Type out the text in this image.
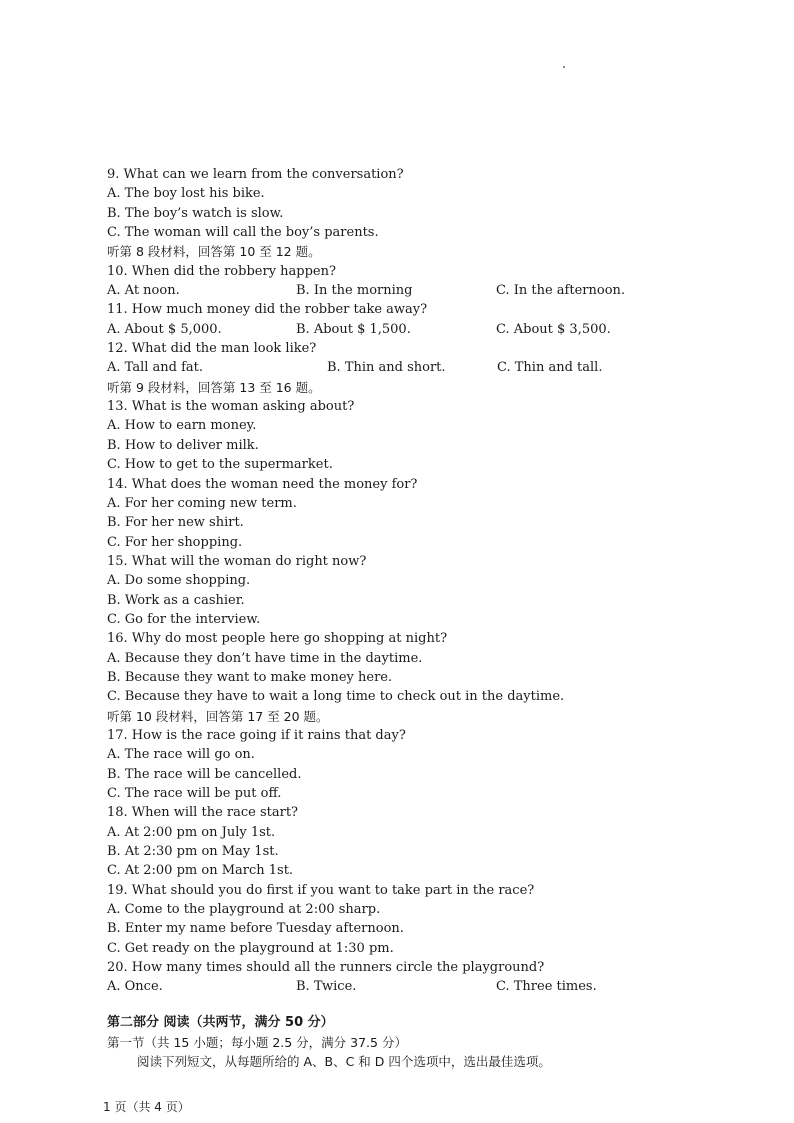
9. What can we learn from the conversation?
A. The boy lost his bike.
B. The boy’s watch is slow.
C. The woman will call the boy’s parents.
听第 8 段材料，回答第 10 至 12 题。
10. When did the robbery happen?
A. At noon.	B. In the morning	C. In the afternoon.
11. How much money did the robber take away?
A. About $ 5,000.	B. About $ 1,500.	C. About $ 3,500.
12. What did the man look like?
A. Tall and fat.	B. Thin and short.	C. Thin and tall.
听第 9 段材料，回答第 13 至 16 题。
13. What is the woman asking about?
A. How to earn money.
B. How to deliver milk.
C. How to get to the supermarket.
14. What does the woman need the money for?
A. For her coming new term.
B. For her new shirt.
C. For her shopping.
15. What will the woman do right now?
A. Do some shopping.
B. Work as a cashier.
C. Go for the interview.
16. Why do most people here go shopping at night?
A. Because they don’t have time in the daytime.
B. Because they want to make money here.
C. Because they have to wait a long time to check out in the daytime.
听第 10 段材料，回答第 17 至 20 题。
17. How is the race going if it rains that day?
A. The race will go on.
B. The race will be cancelled.
C. The race will be put off.
18. When will the race start?
A. At 2:00 pm on July 1st.
B. At 2:30 pm on May 1st.
C. At 2:00 pm on March 1st.
19. What should you do first if you want to take part in the race?
A. Come to the playground at 2:00 sharp.
B. Enter my name before Tuesday afternoon.
C. Get ready on the playground at 1:30 pm.
20. How many times should all the runners circle the playground?
A. Once.	B. Twice.	C. Three times.
第二部分 阅读（共两节，满分 50 分）
第一节（共 15 小题；每小题 2.5 分，满分 37.5 分）
阅读下列短文，从每题所给的 A、B、C 和 D 四个选项中，选出最佳选项。
1 页（共 4 页）
